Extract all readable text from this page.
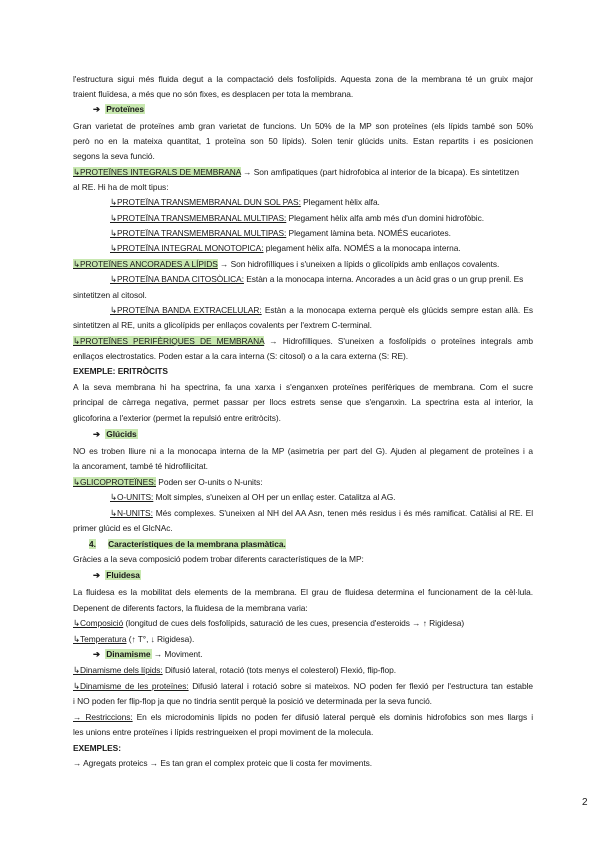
l'estructura sigui més fluida degut a la compactació dels fosfolípids. Aquesta zona de la membrana té un gruix major
traient fluïdesa, a més que no són fixes, es desplacen per tota la membrana.
➔ Proteïnes
Gran varietat de proteïnes amb gran varietat de funcions. Un 50% de la MP son proteïnes (els lípids també son 50%
però no en la mateixa quantitat, 1 proteïna son 50 lípids). Solen tenir glúcids units. Estan repartits i es posicionen
segons la seva funció.
↳PROTEÏNES INTEGRALS DE MEMBRANA → Son amfipatiques (part hidrofobica al interior de la bicapa). Es sintetitzen
al RE. Hi ha de molt tipus:
↳PROTEÏNA TRANSMEMBRANAL DUN SOL PAS: Plegament hèlix alfa.
↳PROTEÏNA TRANSMEMBRANAL MULTIPAS: Plegament hèlix alfa amb més d'un domini hidrofòbic.
↳PROTEÏNA TRANSMEMBRANAL MULTIPAS: Plegament làmina beta. NOMÉS eucariotes.
↳PROTEÏNA INTEGRAL MONOTOPICA: plegament hèlix alfa. NOMÉS a la monocapa interna.
↳PROTEÏNES ANCORADES A LÍPIDS → Son hidrofílliques i s'uneixen a lípids o glicolípids amb enllaços covalents.
↳PROTEÏNA BANDA CITOSÒLICA: Estàn a la monocapa interna. Ancorades a un àcid gras o un grup prenil. Es
sintetitzen al citosol.
↳PROTEÏNA BANDA EXTRACELULAR: Estàn a la monocapa externa perquè els glúcids sempre estan allà. Es
sintetitzen al RE, units a glicolípids per enllaços covalents per l'extrem C-terminal.
↳PROTEÏNES PERIFÈRIQUES DE MEMBRANA → Hidrofílliques. S'uneixen a fosfolípids o proteïnes integrals amb
enllaços electrostatics. Poden estar a la cara interna (S: citosol) o a la cara externa (S: RE).
EXEMPLE: ERITRÒCITS
A la seva membrana hi ha spectrina, fa una xarxa i s'enganxen proteïnes perifèriques de membrana. Com el sucre
principal de càrrega negativa, permet passar per llocs estrets sense que s'enganxin. La spectrina esta al interior, la
glicoforina a l'exterior (permet la repulsió entre eritròcits).
➔ Glúcids
NO es troben lliure ni a la monocapa interna de la MP (asimetria per part del G). Ajuden al plegament de proteïnes i a
la ancorament, també té hidrofilicitat.
↳GLICOPROTEÏNES: Poden ser O-units o N-units:
↳O-UNITS: Molt simples, s'uneixen al OH per un enllaç ester. Catalitza al AG.
↳N-UNITS: Més complexes. S'uneixen al NH del AA Asn, tenen més residus i és més ramificat. Catàlisi al RE. El
primer glúcid es el GlcNAc.
4. Característiques de la membrana plasmàtica.
Gràcies a la seva composició podem trobar diferents característiques de la MP:
➔ Fluidesa
La fluidesa es la mobilitat dels elements de la membrana. El grau de fluidesa determina el funcionament de la cèl·lula.
Depenent de diferents factors, la fluidesa de la membrana varia:
↳Composició (longitud de cues dels fosfolípids, saturació de les cues, presencia d'esteroids → ↑ Rigidesa)
↳Temperatura (↑ T°, ↓ Rigidesa).
➔ Dinamisme → Moviment.
↳Dinamisme dels lípids: Difusió lateral, rotació (tots menys el colesterol) Flexió, flip-flop.
↳Dinamisme de les proteïnes: Difusió lateral i rotació sobre si mateixos. NO poden fer flexió per l'estructura tan estable
i NO poden fer flip-flop ja que no tindria sentit perquè la posició ve determinada per la seva funció.
→ Restriccions: En els microdominis lípids no poden fer difusió lateral perquè els dominis hidrofobics son mes llargs i
les unions entre proteïnes i lípids restringueixen el propi moviment de la molecula.
EXEMPLES:
→ Agregats proteics → Es tan gran el complex proteic que li costa fer moviments.
2
